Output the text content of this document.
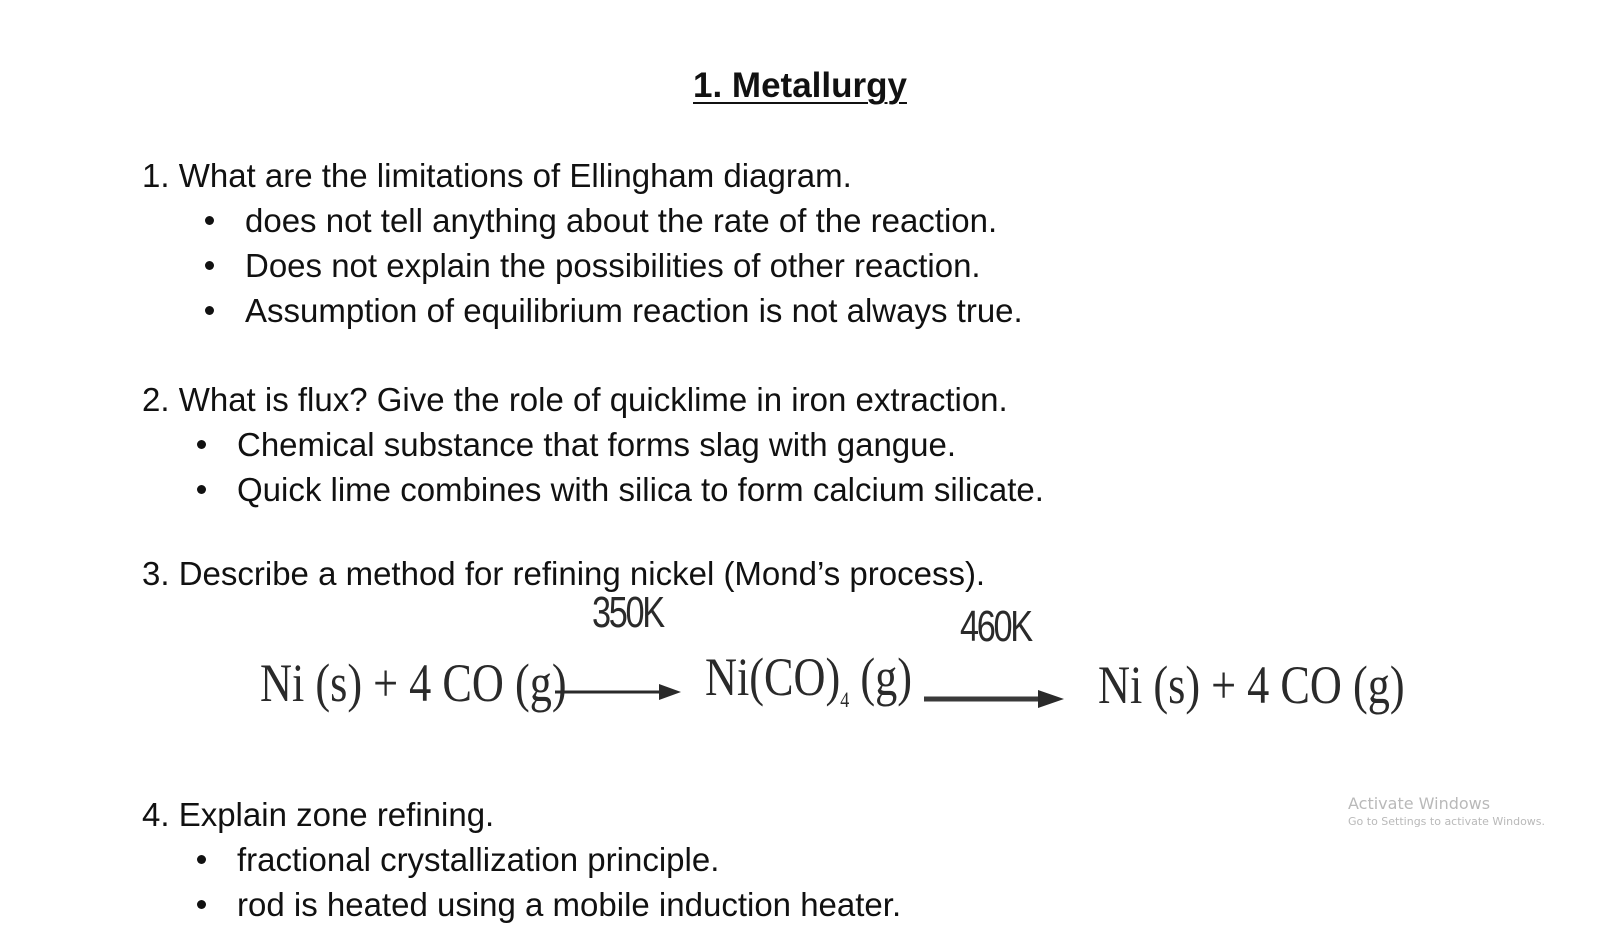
1. Metallurgy
1. What are the limitations of Ellingham diagram.
does not tell anything about the rate of the reaction.
Does not explain the possibilities of other reaction.
Assumption of equilibrium reaction is not always true.
2. What is flux? Give the role of quicklime in iron extraction.
Chemical substance that forms slag with gangue.
Quick lime combines with silica to form calcium silicate.
3. Describe a method for refining nickel (Mond’s process).
Ni (s) + 4 CO (g)
350K
$Ni(CO)_4$ (g)
460K
Ni (s) + 4 CO (g)
4. Explain zone refining.
fractional crystallization principle.
rod is heated using a mobile induction heater.
Activate Windows
Go to Settings to activate Windows.
